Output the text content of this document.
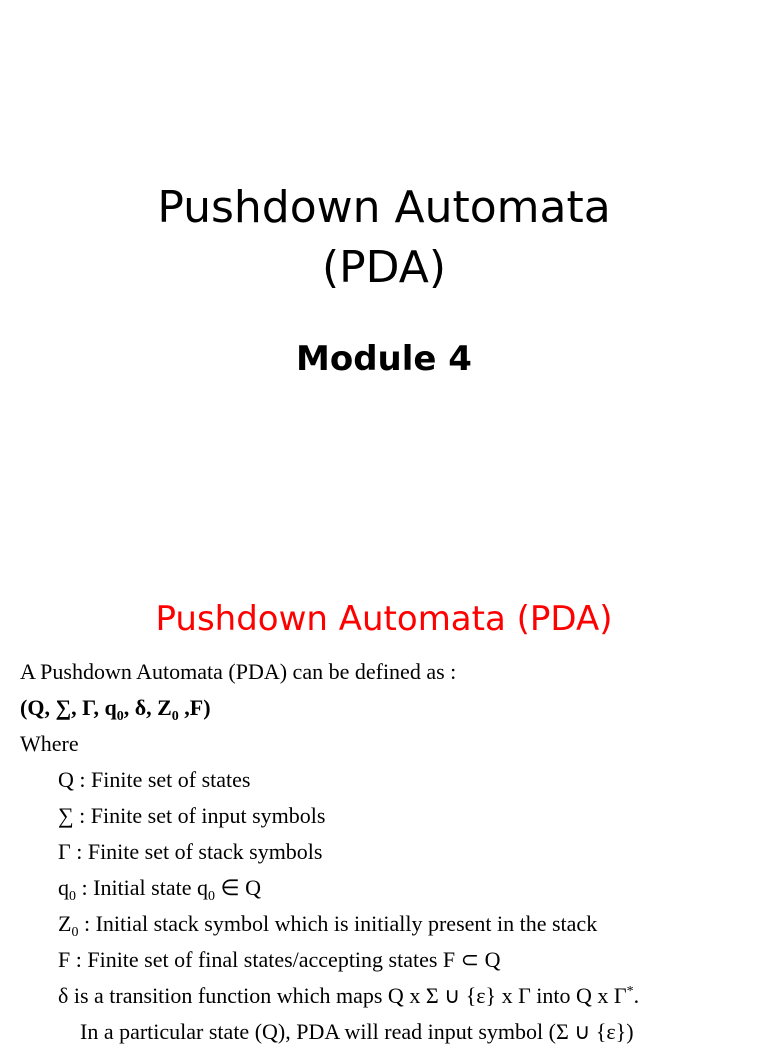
Pushdown Automata
(PDA)
Module 4
Pushdown Automata (PDA)
A Pushdown Automata (PDA) can be defined as :
(Q, ∑, Γ, $q_0$, δ, $Z_0$ ,F)
Where
Q : Finite set of states
∑ : Finite set of input symbols
Γ : Finite set of stack symbols
$q_0$ : Initial state $q_0$ ∈ Q
$Z_0$ : Initial stack symbol which is initially present in the stack
F : Finite set of final states/accepting states F ⊂ Q
δ is a transition function which maps Q x Σ ∪ {ε} x Γ into Q x Γ*.
In a particular state (Q), PDA will read input symbol (Σ ∪ {ε})
